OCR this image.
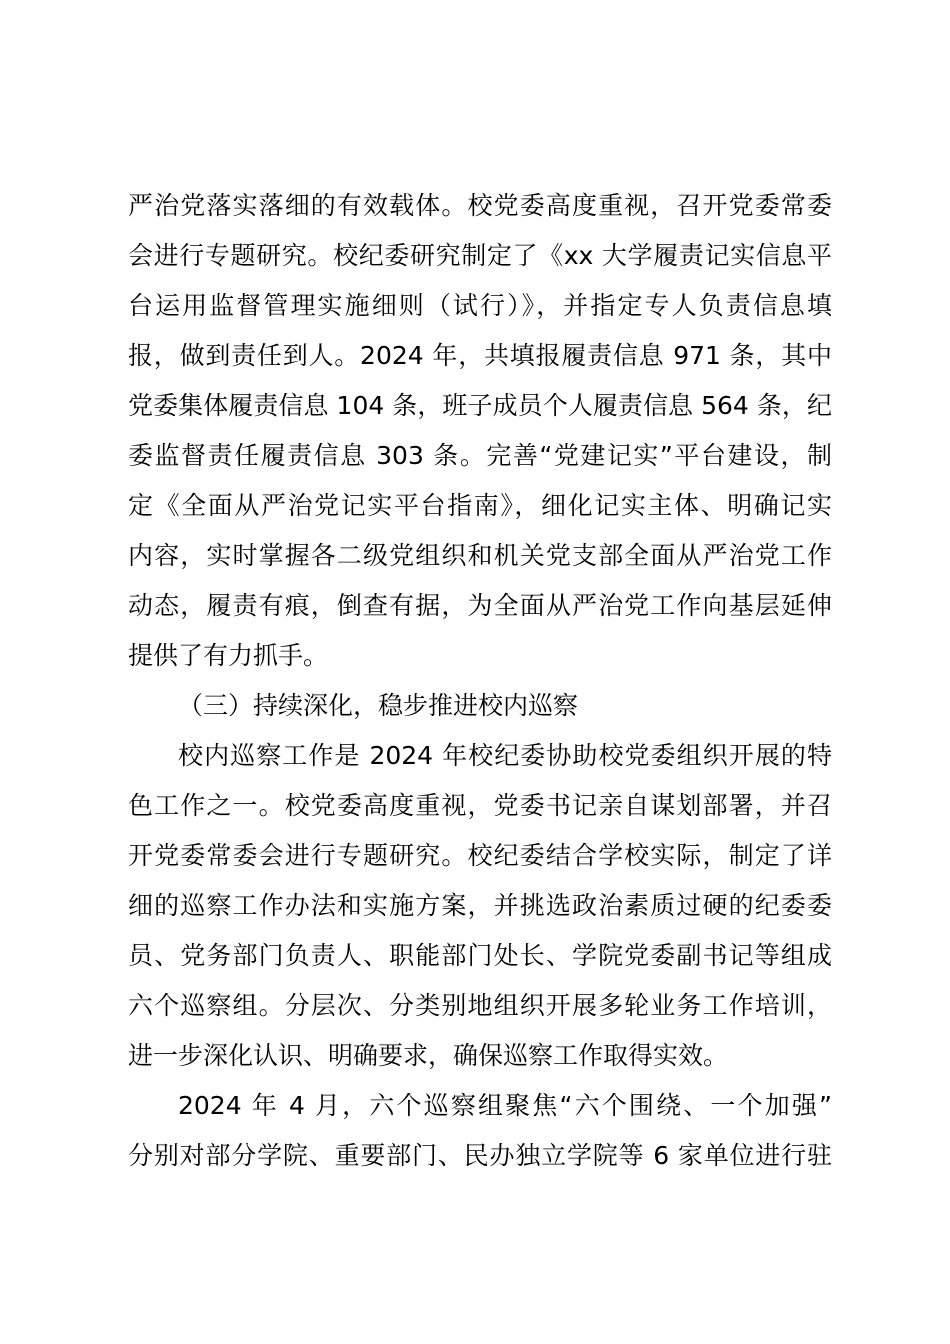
严治党落实落细的有效载体。校党委高度重视，召开党委常委
会进行专题研究。校纪委研究制定了《xx 大学履责记实信息平
台运用监督管理实施细则（试行）》，并指定专人负责信息填
报，做到责任到人。2024 年，共填报履责信息 971 条，其中
党委集体履责信息 104 条，班子成员个人履责信息 564 条，纪
委监督责任履责信息 303 条。完善“党建记实”平台建设，制
定《全面从严治党记实平台指南》，细化记实主体、明确记实
内容，实时掌握各二级党组织和机关党支部全面从严治党工作
动态，履责有痕，倒查有据，为全面从严治党工作向基层延伸
提供了有力抓手。
（三）持续深化，稳步推进校内巡察
校内巡察工作是 2024 年校纪委协助校党委组织开展的特
色工作之一。校党委高度重视，党委书记亲自谋划部署，并召
开党委常委会进行专题研究。校纪委结合学校实际，制定了详
细的巡察工作办法和实施方案，并挑选政治素质过硬的纪委委
员、党务部门负责人、职能部门处长、学院党委副书记等组成
六个巡察组。分层次、分类别地组织开展多轮业务工作培训，
进一步深化认识、明确要求，确保巡察工作取得实效。
2024 年 4 月，六个巡察组聚焦“六个围绕、一个加强”
分别对部分学院、重要部门、民办独立学院等 6 家单位进行驻
